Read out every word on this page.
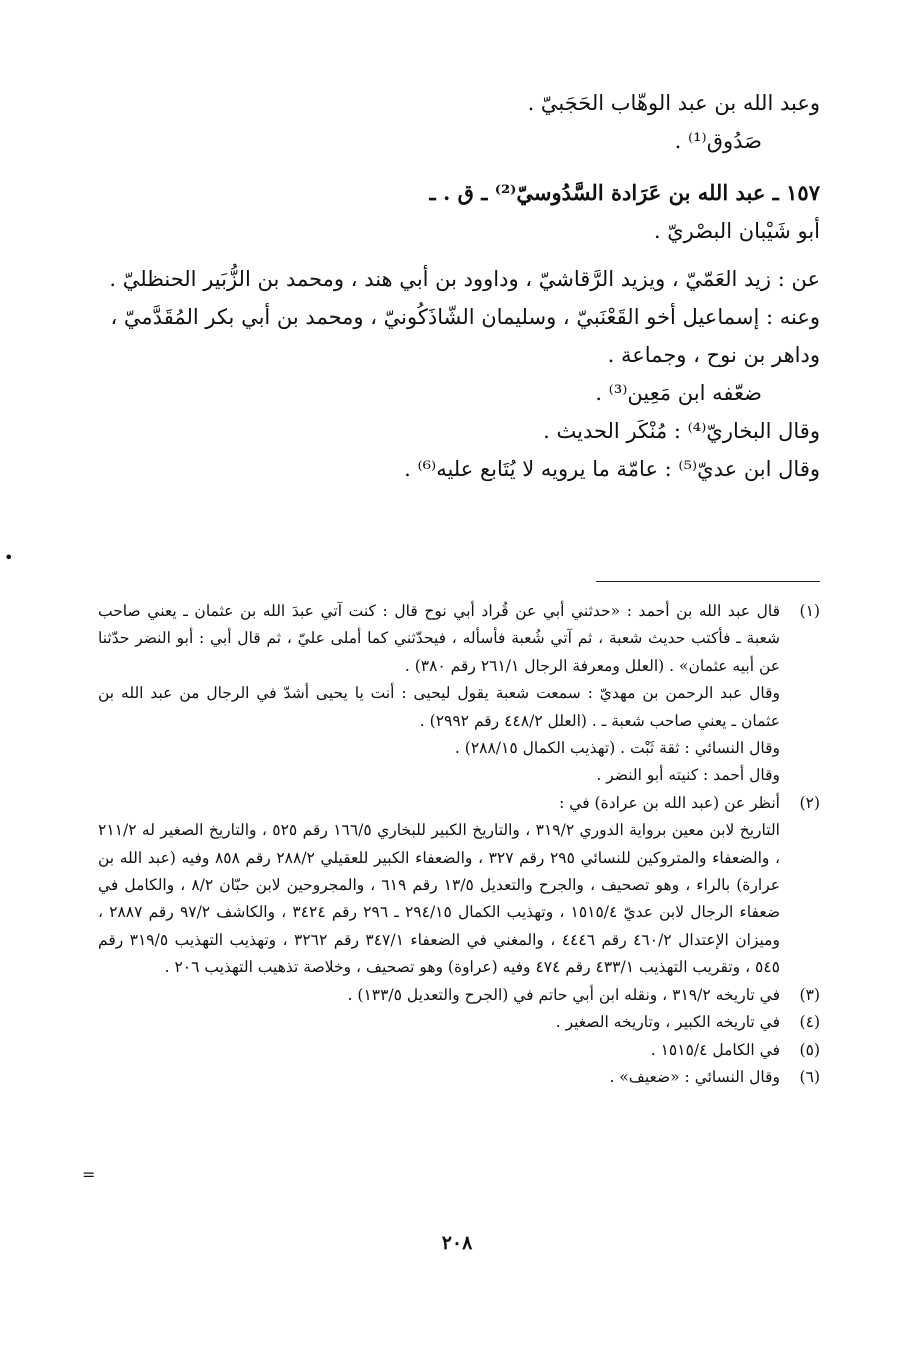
وعبد الله بن عبد الوهّاب الحَجَبيّ .

صَدُوق⁽¹⁾ .

١٥٧ ـ عبد الله بن عَرَادة السَّدُوسيّ⁽²⁾ ـ ق . ـ

أبو شَيْبان البصْريّ .

عن : زيد العَمّيّ ، ويزيد الرَّقاشيّ ، وداوود بن أبي هند ، ومحمد بن الزُّبَير الحنظليّ .

وعنه : إسماعيل أخو القَعْنَبيّ ، وسليمان الشّاذَكُونيّ ، ومحمد بن أبي بكر المُقَدَّميّ ، وداهر بن نوح ، وجماعة .

ضعّفه ابن مَعِين⁽³⁾ .

وقال البخاريّ⁽⁴⁾ : مُنْكَر الحديث .

وقال ابن عديّ⁽⁵⁾ : عامّة ما يرويه لا يُتَابع عليه⁽⁶⁾ .

(١)
قال عبد الله بن أحمد : «حدثني أبي عن قُراد أبي نوح قال : كنت آتي عبدَ الله بن عثمان ـ يعني صاحب شعبة ـ فأكتب حديث شعبة ، ثم آتي شُعبة فأسأله ، فيحدّثني كما أملى عليّ ، ثم قال أبي : أبو النضر حدّثنا عن أبيه عثمان» . (العلل ومعرفة الرجال ٢٦١/١ رقم ٣٨٠) .
وقال عبد الرحمن بن مهديّ : سمعت شعبة يقول ليحيى : أنت يا يحيى أشدّ في الرجال من عبد الله بن عثمان ـ يعني صاحب شعبة ـ . (العلل ٤٤٨/٢ رقم ٢٩٩٢) .
وقال النسائي : ثقة ثَبْت . (تهذيب الكمال ٢٨٨/١٥) .
وقال أحمد : كنيته أبو النضر .
(٢)
أنظر عن (عبد الله بن عرادة) في :
التاريخ لابن معين برواية الدوري ٣١٩/٢ ، والتاريخ الكبير للبخاري ١٦٦/٥ رقم ٥٢٥ ، والتاريخ الصغير له ٢١١/٢ ، والضعفاء والمتروكين للنسائي ٢٩٥ رقم ٣٢٧ ، والضعفاء الكبير للعقيلي ٢٨٨/٢ رقم ٨٥٨ وفيه (عبد الله بن عرارة) بالراء ، وهو تصحيف ، والجرح والتعديل ١٣/٥ رقم ٦١٩ ، والمجروحين لابن حبّان ٨/٢ ، والكامل في ضعفاء الرجال لابن عديّ ١٥١٥/٤ ، وتهذيب الكمال ٢٩٤/١٥ ـ ٢٩٦ رقم ٣٤٢٤ ، والكاشف ٩٧/٢ رقم ٢٨٨٧ ، وميزان الإعتدال ٤٦٠/٢ رقم ٤٤٤٦ ، والمغني في الضعفاء ٣٤٧/١ رقم ٣٢٦٢ ، وتهذيب التهذيب ٣١٩/٥ رقم ٥٤٥ ، وتقريب التهذيب ٤٣٣/١ رقم ٤٧٤ وفيه (عراوة) وهو تصحيف ، وخلاصة تذهيب التهذيب ٢٠٦ .
(٣)
في تاريخه ٣١٩/٢ ، ونقله ابن أبي حاتم في (الجرح والتعديل ١٣٣/٥) .
(٤)
في تاريخه الكبير ، وتاريخه الصغير .
(٥)
في الكامل ١٥١٥/٤ .
(٦)
وقال النسائي : «ضعيف» .
٢٠٨
•
=
